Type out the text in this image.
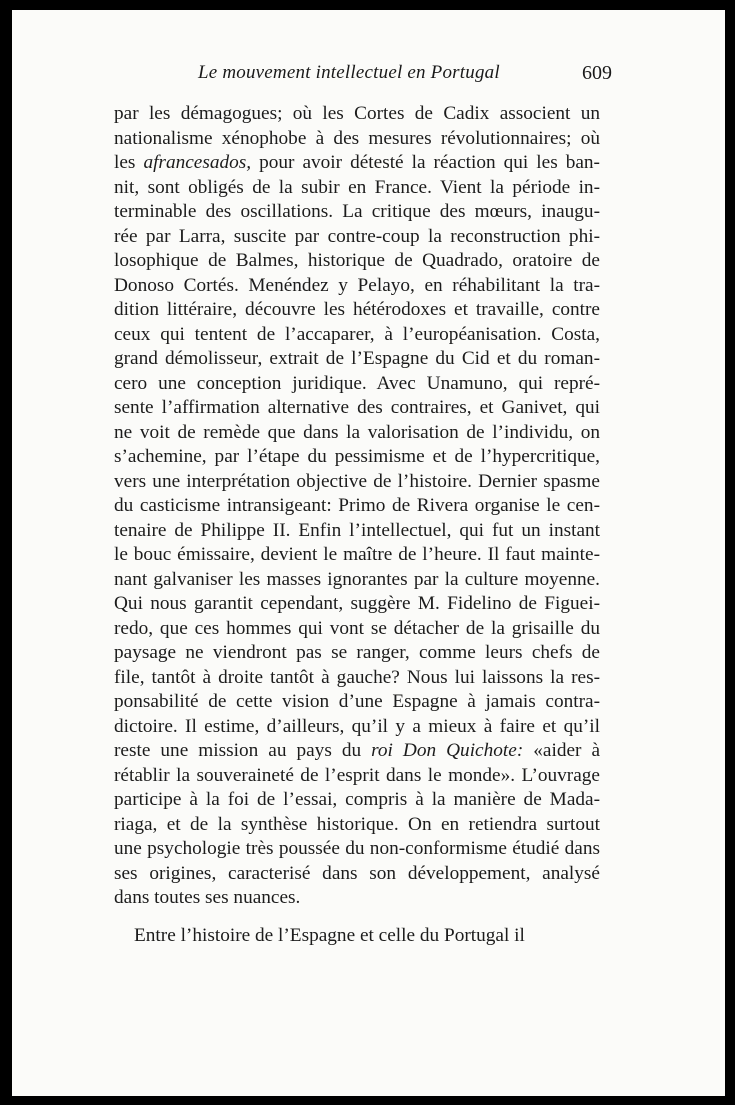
Le mouvement intellectuel en Portugal	609
par les démagogues; où les Cortes de Cadix associent un
nationalisme xénophobe à des mesures révolutionnaires; où
les afrancesados, pour avoir détesté la réaction qui les ban-
nit, sont obligés de la subir en France. Vient la période in-
terminable des oscillations. La critique des mœurs, inaugu-
rée par Larra, suscite par contre-coup la reconstruction phi-
losophique de Balmes, historique de Quadrado, oratoire de
Donoso Cortés. Menéndez y Pelayo, en réhabilitant la tra-
dition littéraire, découvre les hétérodoxes et travaille, contre
ceux qui tentent de l’accaparer, à l’européanisation. Costa,
grand démolisseur, extrait de l’Espagne du Cid et du roman-
cero une conception juridique. Avec Unamuno, qui repré-
sente l’affirmation alternative des contraires, et Ganivet, qui
ne voit de remède que dans la valorisation de l’individu, on
s’achemine, par l’étape du pessimisme et de l’hypercritique,
vers une interprétation objective de l’histoire. Dernier spasme
du casticisme intransigeant: Primo de Rivera organise le cen-
tenaire de Philippe II. Enfin l’intellectuel, qui fut un instant
le bouc émissaire, devient le maître de l’heure. Il faut mainte-
nant galvaniser les masses ignorantes par la culture moyenne.
Qui nous garantit cependant, suggère M. Fidelino de Figuei-
redo, que ces hommes qui vont se détacher de la grisaille du
paysage ne viendront pas se ranger, comme leurs chefs de
file, tantôt à droite tantôt à gauche? Nous lui laissons la res-
ponsabilité de cette vision d’une Espagne à jamais contra-
dictoire. Il estime, d’ailleurs, qu’il y a mieux à faire et qu’il
reste une mission au pays du roi Don Quichote: «aider à
rétablir la souveraineté de l’esprit dans le monde». L’ouvrage
participe à la foi de l’essai, compris à la manière de Mada-
riaga, et de la synthèse historique. On en retiendra surtout
une psychologie très poussée du non-conformisme étudié dans
ses origines, caracterisé dans son développement, analysé
dans toutes ses nuances.
Entre l’histoire de l’Espagne et celle du Portugal il
